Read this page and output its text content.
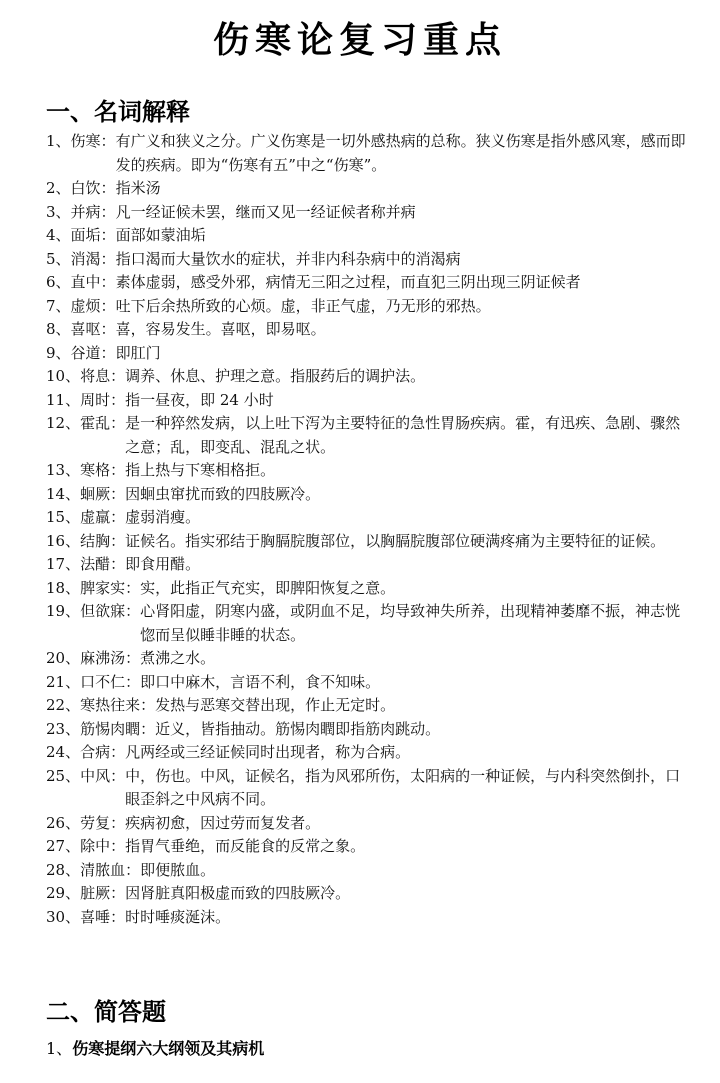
伤寒论复习重点
一、名词解释
1、 伤寒： 有广义和狭义之分。广义伤寒是一切外感热病的总称。狭义伤寒是指外感风寒，感而即发的疾病。即为“伤寒有五”中之“伤寒”。
2、 白饮： 指米汤
3、 并病： 凡一经证候未罢，继而又见一经证候者称并病
4、 面垢： 面部如蒙油垢
5、 消渴： 指口渴而大量饮水的症状，并非内科杂病中的消渴病
6、直中：素体虚弱，感受外邪，病情无三阳之过程，而直犯三阴出现三阴证候者
7、 虚烦： 吐下后余热所致的心烦。虚，非正气虚，乃无形的邪热。
8、 喜呕： 喜，容易发生。喜呕，即易呕。
9、 谷道： 即肛门
10、 将息： 调养、休息、护理之意。指服药后的调护法。
11、 周时： 指一昼夜，即 24 小时
12、 霍乱： 是一种猝然发病，以上吐下泻为主要特征的急性胃肠疾病。霍，有迅疾、急剧、骤然之意；乱，即变乱、混乱之状。
13、 寒格： 指上热与下寒相格拒。
14、 蛔厥： 因蛔虫窜扰而致的四肢厥冷。
15、 虚羸： 虚弱消瘦。
16、 结胸： 证候名。指实邪结于胸膈脘腹部位，以胸膈脘腹部位硬满疼痛为主要特征的证候。
17、 法醋： 即食用醋。
18、 脾家实： 实，此指正气充实，即脾阳恢复之意。
19、 但欲寐： 心肾阳虚，阴寒内盛，或阴血不足，均导致神失所养，出现精神萎靡不振，神志恍惚而呈似睡非睡的状态。
20、 麻沸汤： 煮沸之水。
21、 口不仁： 即口中麻木，言语不利，食不知味。
22、 寒热往来： 发热与恶寒交替出现，作止无定时。
23、 筋惕肉瞤： 近义，皆指抽动。筋惕肉瞤即指筋肉跳动。
24、 合病： 凡两经或三经证候同时出现者，称为合病。
25、 中风： 中，伤也。中风，证候名，指为风邪所伤，太阳病的一种证候，与内科突然倒扑，口眼歪斜之中风病不同。
26、 劳复： 疾病初愈，因过劳而复发者。
27、 除中： 指胃气垂绝，而反能食的反常之象。
28、 清脓血： 即便脓血。
29、 脏厥： 因肾脏真阳极虚而致的四肢厥冷。
30、 喜唾： 时时唾痰涎沫。
二、简答题
1、伤寒提纲六大纲领及其病机
